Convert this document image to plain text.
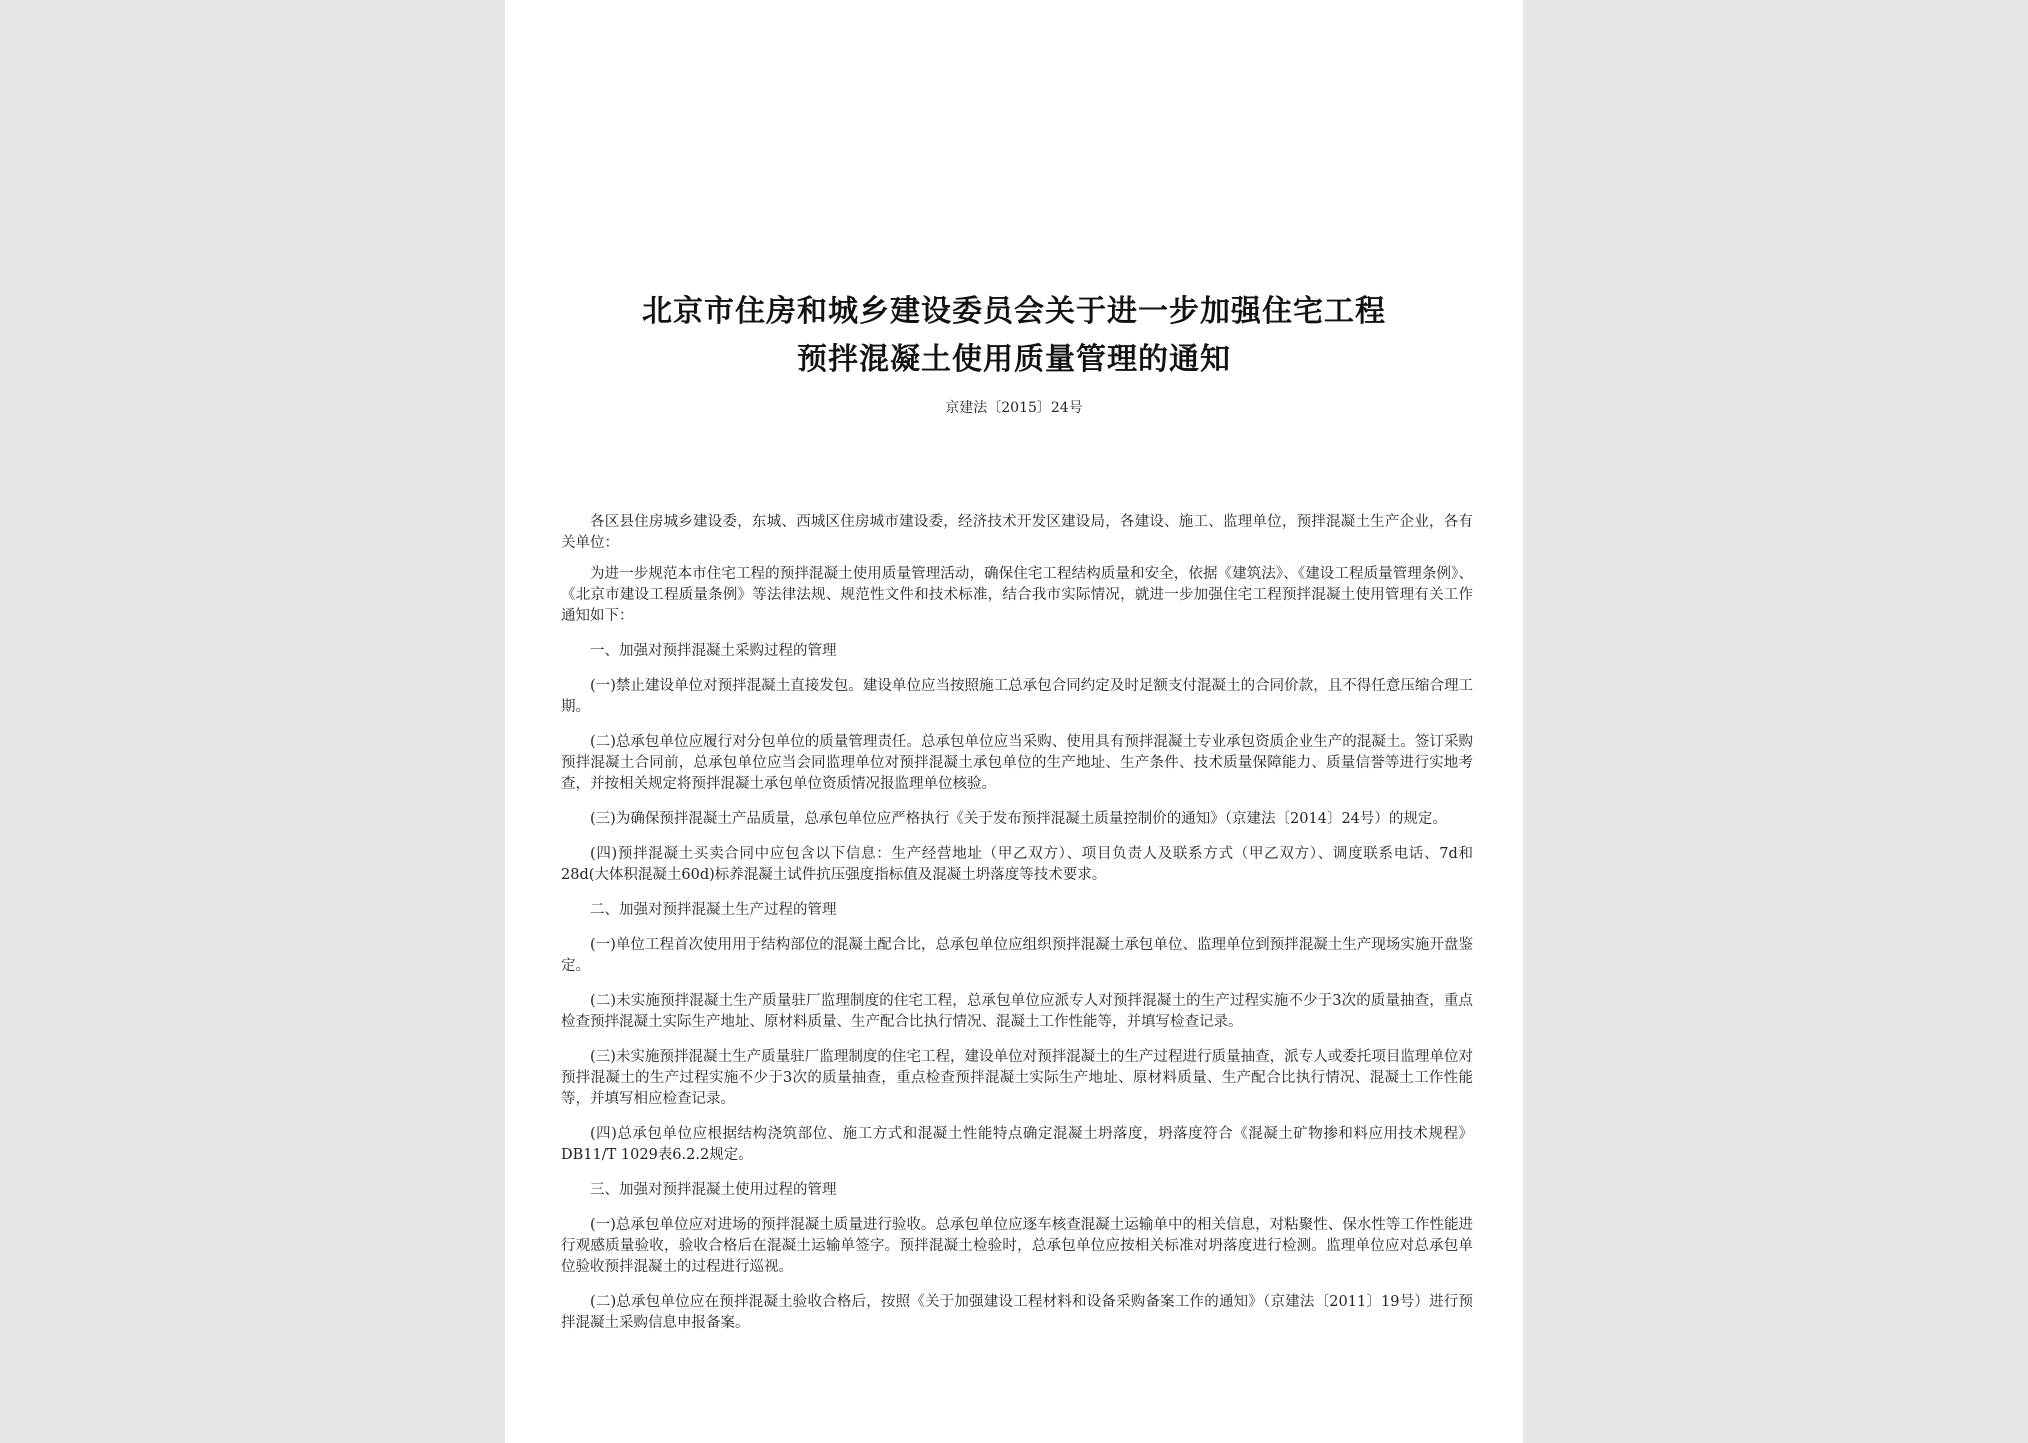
北京市住房和城乡建设委员会关于进一步加强住宅工程
预拌混凝土使用质量管理的通知
京建法〔2015〕24号

各区县住房城乡建设委，东城、西城区住房城市建设委，经济技术开发区建设局，各建设、施工、监理单位，预拌混凝土生产企业，各有关单位：

为进一步规范本市住宅工程的预拌混凝土使用质量管理活动，确保住宅工程结构质量和安全，依据《建筑法》、《建设工程质量管理条例》、《北京市建设工程质量条例》等法律法规、规范性文件和技术标准，结合我市实际情况，就进一步加强住宅工程预拌混凝土使用管理有关工作通知如下：

一、加强对预拌混凝土采购过程的管理

(一)禁止建设单位对预拌混凝土直接发包。建设单位应当按照施工总承包合同约定及时足额支付混凝土的合同价款，且不得任意压缩合理工期。

(二)总承包单位应履行对分包单位的质量管理责任。总承包单位应当采购、使用具有预拌混凝土专业承包资质企业生产的混凝土。签订采购预拌混凝土合同前，总承包单位应当会同监理单位对预拌混凝土承包单位的生产地址、生产条件、技术质量保障能力、质量信誉等进行实地考查，并按相关规定将预拌混凝土承包单位资质情况报监理单位核验。

(三)为确保预拌混凝土产品质量，总承包单位应严格执行《关于发布预拌混凝土质量控制价的通知》（京建法〔2014〕24号）的规定。

(四)预拌混凝土买卖合同中应包含以下信息：生产经营地址（甲乙双方）、项目负责人及联系方式（甲乙双方）、调度联系电话、7d和28d(大体积混凝土60d)标养混凝土试件抗压强度指标值及混凝土坍落度等技术要求。

二、加强对预拌混凝土生产过程的管理

(一)单位工程首次使用用于结构部位的混凝土配合比，总承包单位应组织预拌混凝土承包单位、监理单位到预拌混凝土生产现场实施开盘鉴定。

(二)未实施预拌混凝土生产质量驻厂监理制度的住宅工程，总承包单位应派专人对预拌混凝土的生产过程实施不少于3次的质量抽查，重点检查预拌混凝土实际生产地址、原材料质量、生产配合比执行情况、混凝土工作性能等，并填写检查记录。

(三)未实施预拌混凝土生产质量驻厂监理制度的住宅工程，建设单位对预拌混凝土的生产过程进行质量抽查，派专人或委托项目监理单位对预拌混凝土的生产过程实施不少于3次的质量抽查，重点检查预拌混凝土实际生产地址、原材料质量、生产配合比执行情况、混凝土工作性能等，并填写相应检查记录。

(四)总承包单位应根据结构浇筑部位、施工方式和混凝土性能特点确定混凝土坍落度，坍落度符合《混凝土矿物掺和料应用技术规程》DB11/T 1029表6.2.2规定。

三、加强对预拌混凝土使用过程的管理

(一)总承包单位应对进场的预拌混凝土质量进行验收。总承包单位应逐车核查混凝土运输单中的相关信息，对粘聚性、保水性等工作性能进行观感质量验收，验收合格后在混凝土运输单签字。预拌混凝土检验时，总承包单位应按相关标准对坍落度进行检测。监理单位应对总承包单位验收预拌混凝土的过程进行巡视。

(二)总承包单位应在预拌混凝土验收合格后，按照《关于加强建设工程材料和设备采购备案工作的通知》（京建法〔2011〕19号）进行预拌混凝土采购信息申报备案。
